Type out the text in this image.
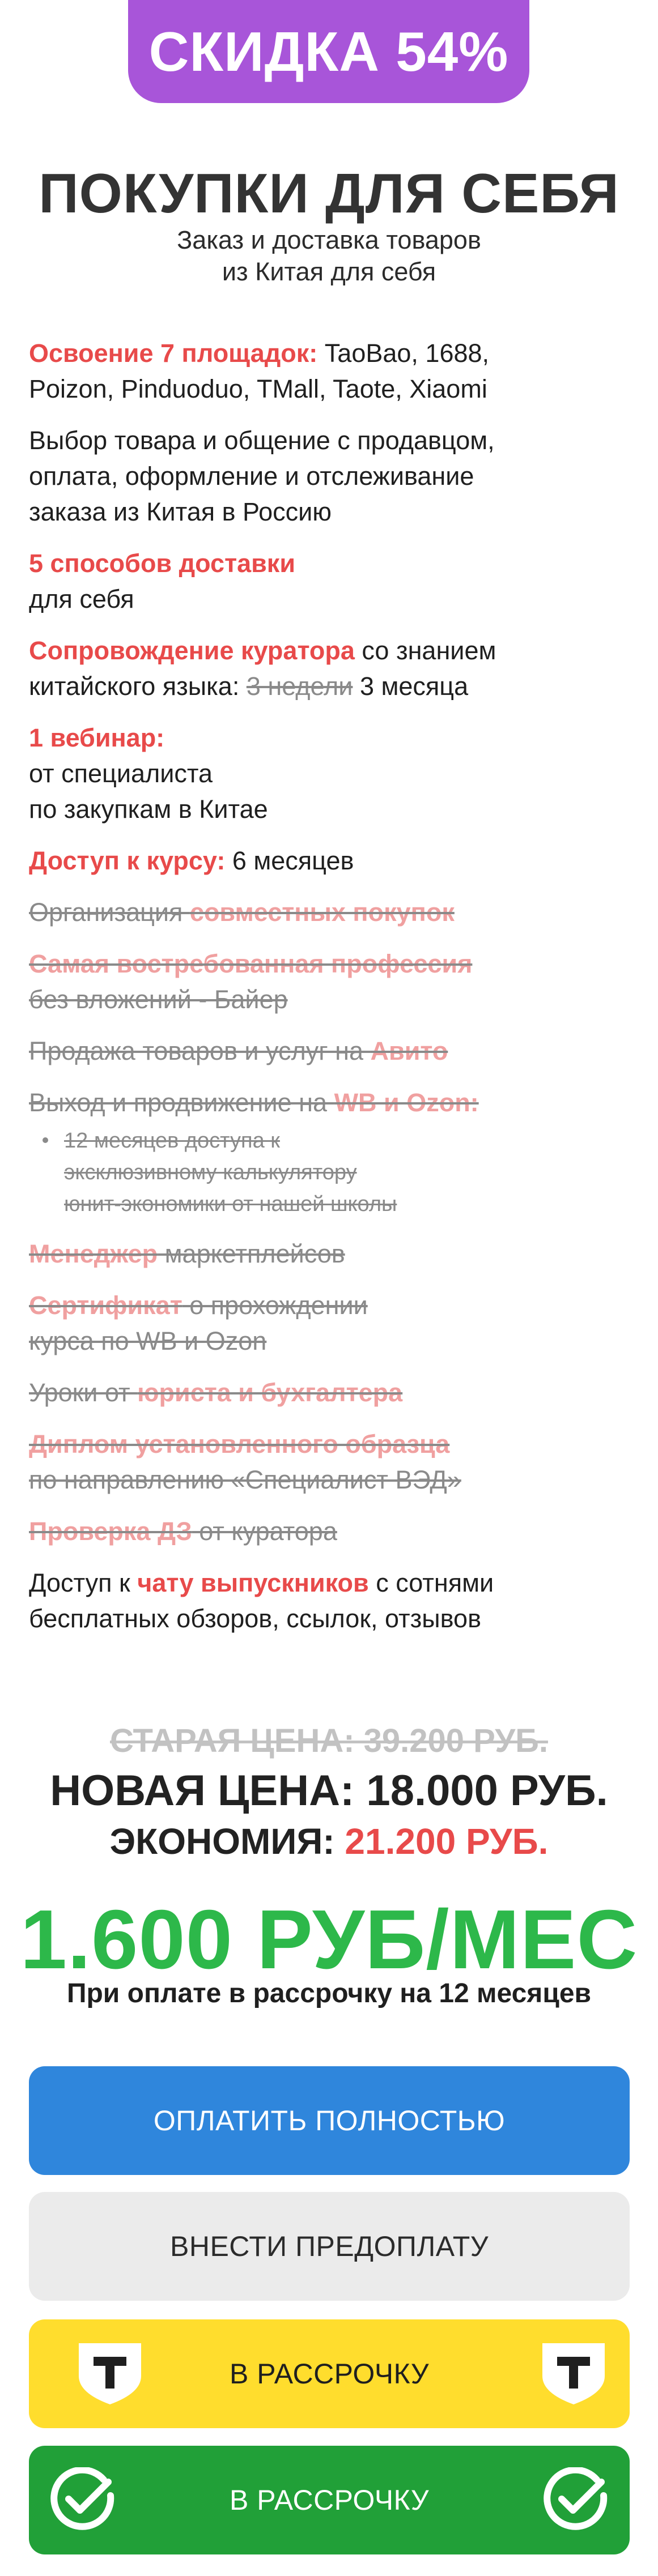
СКИДКА 54%
ПОКУПКИ ДЛЯ СЕБЯ
Заказ и доставка товаров
из Китая для себя
Освоение 7 площадок: TaoBao, 1688,
Poizon, Pinduoduo, TMall, Taote, Xiaomi
Выбор товара и общение с продавцом,
оплата, оформление и отслеживание
заказа из Китая в Россию
5 способов доставки
для себя
Сопровождение куратора со знанием
китайского языка: 3 недели 3 месяца
1 вебинар:
от специалиста
по закупкам в Китае
Доступ к курсу: 6 месяцев
Организация совместных покупок
Самая востребованная профессия
без вложений - Байер
Продажа товаров и услуг на Авито
Выход и продвижение на WB и Ozon:
12 месяцев доступа к
эксклюзивному калькулятору
юнит-экономики от нашей школы
Менеджер маркетплейсов
Сертификат о прохождении
курса по WB и Ozon
Уроки от юриста и бухгалтера
Диплом установленного образца
по направлению «Специалист ВЭД»
Проверка ДЗ от куратора
Доступ к чату выпускников с сотнями
бесплатных обзоров, ссылок, отзывов
СТАРАЯ ЦЕНА: 39.200 РУБ.
НОВАЯ ЦЕНА: 18.000 РУБ.
ЭКОНОМИЯ: 21.200 РУБ.
1.600 РУБ/МЕС
При оплате в рассрочку на 12 месяцев
ОПЛАТИТЬ ПОЛНОСТЬЮ
ВНЕСТИ ПРЕДОПЛАТУ
В РАССРОЧКУ
В РАССРОЧКУ
